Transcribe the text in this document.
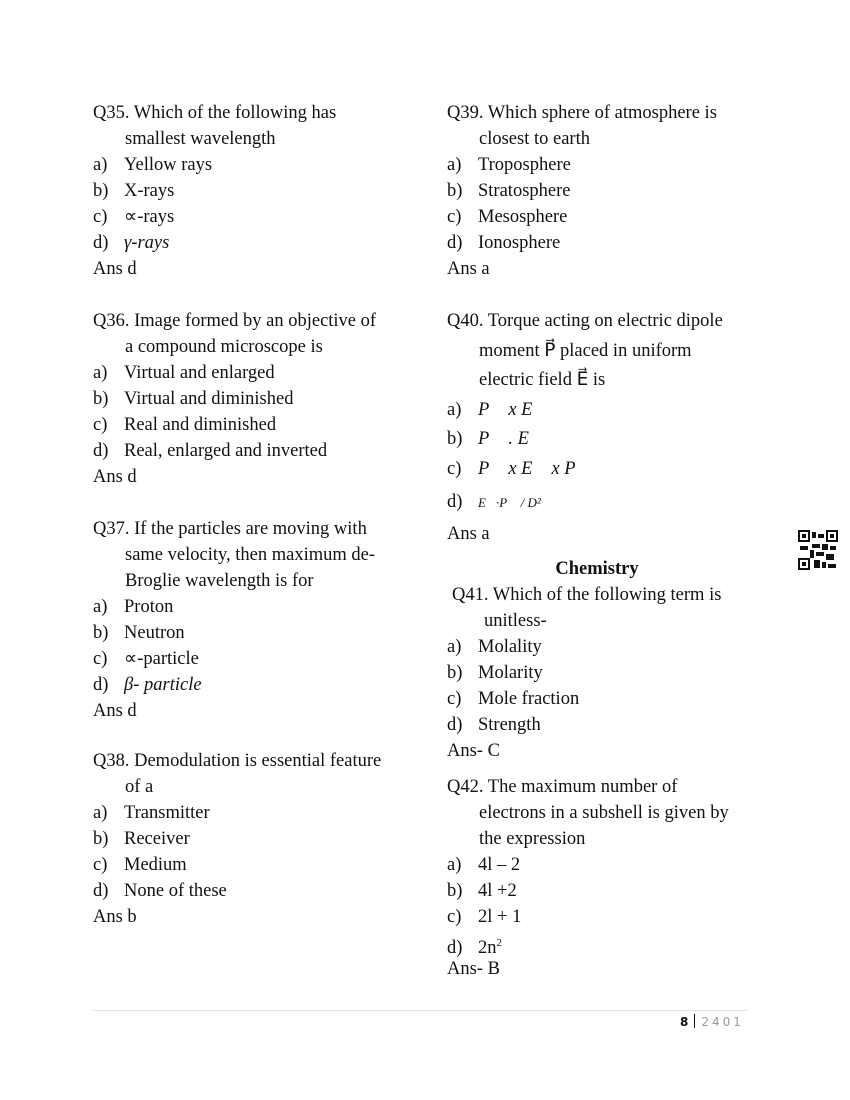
Q35. Which of the following has
smallest wavelength
a) Yellow rays
b) X-rays
c) ∝-rays
d) γ-rays
Ans d
Q36. Image formed by an objective of
a compound microscope is
a) Virtual and enlarged
b) Virtual and diminished
c) Real and diminished
d) Real, enlarged and inverted
Ans d
Q37. If the particles are moving with
same velocity, then maximum de-
Broglie wavelength is for
a) Proton
b) Neutron
c) ∝-particle
d) β- particle
Ans d
Q38. Demodulation is essential feature
of a
a) Transmitter
b) Receiver
c) Medium
d) None of these
Ans b
Q39. Which sphere of atmosphere is
closest to earth
a) Troposphere
b) Stratosphere
c) Mesosphere
d) Ionosphere
Ans a
Q40. Torque acting on electric dipole
moment P⃗ placed in uniform
electric field E⃗ is
a) P⃗ x E⃗
b) P⃗ . E⃗
c) P⃗ x E⃗ x P⃗
d) E⃗·P⃗ / D²
Ans a
Chemistry
Q41. Which of the following term is
unitless-
a) Molality
b) Molarity
c) Mole fraction
d) Strength
Ans- C
Q42. The maximum number of
electrons in a subshell is given by
the expression
a) 4l – 2
b) 4l +2
c) 2l + 1
d) $2n^2$
Ans- B
8 2401
